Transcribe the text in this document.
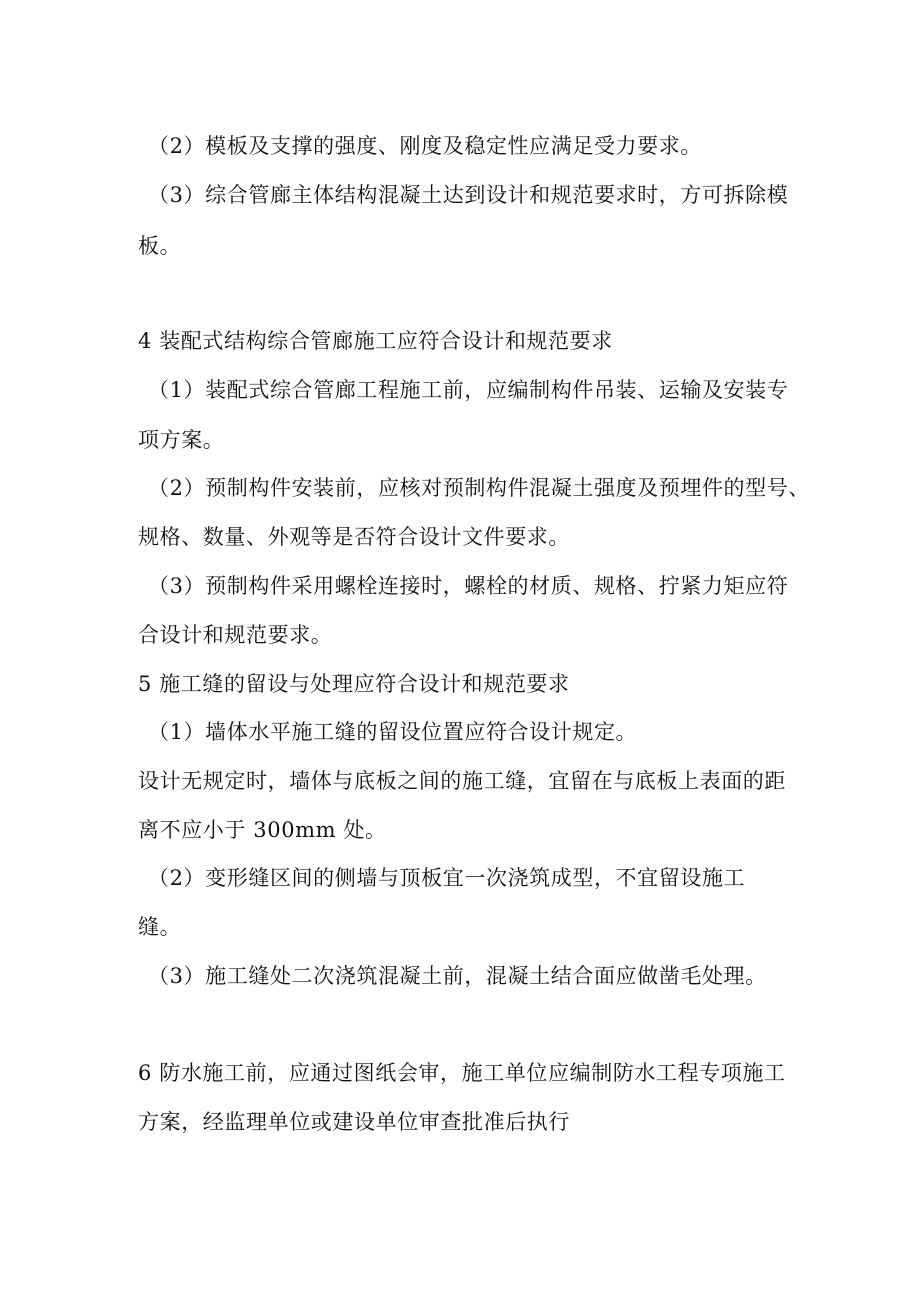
（2）模板及支撑的强度、刚度及稳定性应满足受力要求。

（3）综合管廊主体结构混凝土达到设计和规范要求时，方可拆除模

板。

4 装配式结构综合管廊施工应符合设计和规范要求

（1）装配式综合管廊工程施工前，应编制构件吊装、运输及安装专

项方案。

（2）预制构件安装前，应核对预制构件混凝土强度及预埋件的型号、

规格、数量、外观等是否符合设计文件要求。

（3）预制构件采用螺栓连接时，螺栓的材质、规格、拧紧力矩应符

合设计和规范要求。

5 施工缝的留设与处理应符合设计和规范要求

（1）墙体水平施工缝的留设位置应符合设计规定。

设计无规定时，墙体与底板之间的施工缝，宜留在与底板上表面的距

离不应小于 300mm 处。

（2）变形缝区间的侧墙与顶板宜一次浇筑成型，不宜留设施工

缝。

（3）施工缝处二次浇筑混凝土前，混凝土结合面应做凿毛处理。

6 防水施工前，应通过图纸会审，施工单位应编制防水工程专项施工

方案，经监理单位或建设单位审查批准后执行
